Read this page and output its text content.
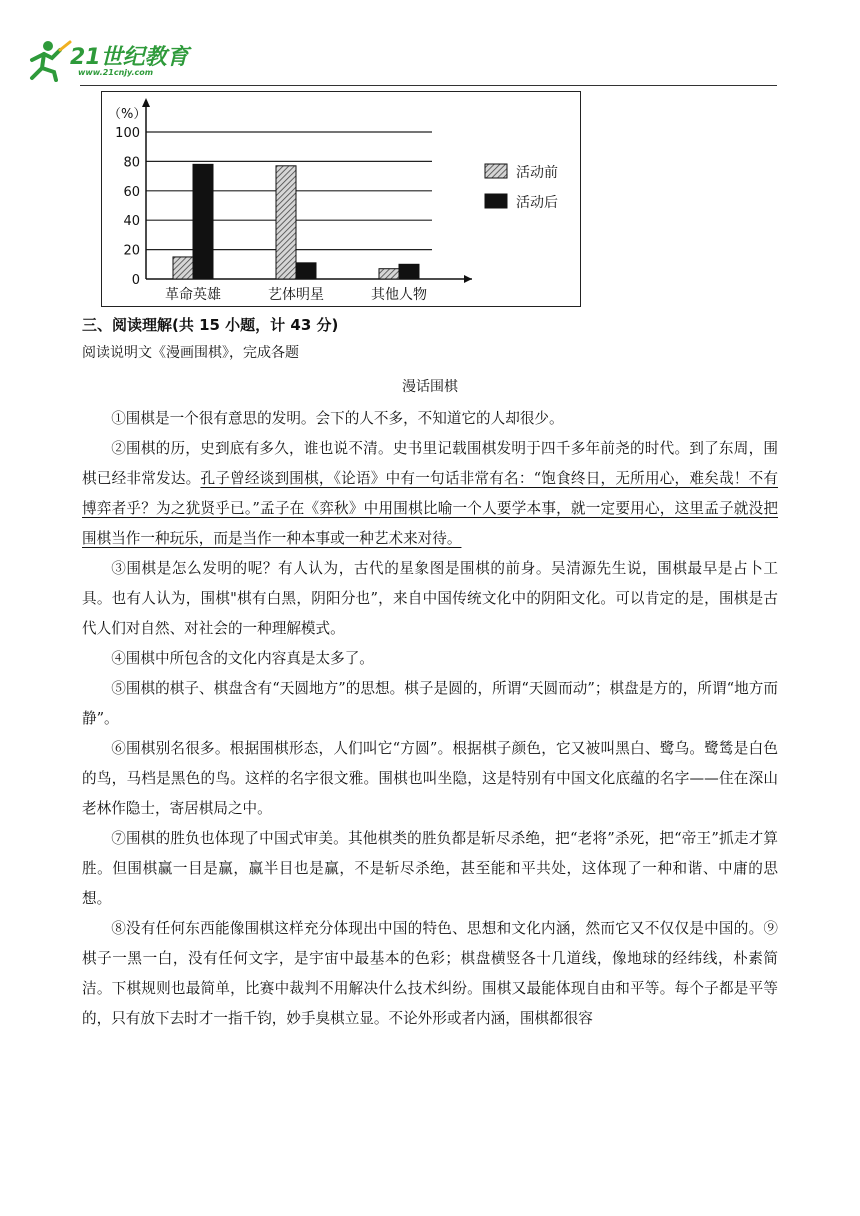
21世纪教育
www.21cnjy.com
0
20
40
60
80
100
（%）
革命英雄	艺体明星	其他人物
活动前
活动后
三、阅读理解(共 15 小题，计 43 分)
阅读说明文《漫画围棋》，完成各题
漫话围棋

①围棋是一个很有意思的发明。会下的人不多，不知道它的人却很少。

②围棋的历，史到底有多久，谁也说不清。史书里记载围棋发明于四千多年前尧的时代。到了东周，围棋已经非常发达。孔子曾经谈到围棋，《论语》中有一句话非常有名：“饱食终日，无所用心，难矣哉！不有博弈者乎？为之犹贤乎已。”孟子在《弈秋》中用围棋比喻一个人要学本事，就一定要用心，这里孟子就没把围棋当作一种玩乐，而是当作一种本事或一种艺术来对待。

③围棋是怎么发明的呢？有人认为，古代的星象图是围棋的前身。吴清源先生说，围棋最早是占卜工具。也有人认为，围棋"棋有白黑，阴阳分也”，来自中国传统文化中的阴阳文化。可以肯定的是，围棋是古代人们对自然、对社会的一种理解模式。

④围棋中所包含的文化内容真是太多了。

⑤围棋的棋子、棋盘含有“天圆地方”的思想。棋子是圆的，所谓“天圆而动”；棋盘是方的，所谓“地方而静”。

⑥围棋别名很多。根据围棋形态，人们叫它“方圆”。根据棋子颜色，它又被叫黑白、鹭乌。鹭鸶是白色的鸟，马档是黑色的鸟。这样的名字很文雅。围棋也叫坐隐，这是特别有中国文化底蕴的名字——住在深山老林作隐士，寄居棋局之中。

⑦围棋的胜负也体现了中国式审美。其他棋类的胜负都是斩尽杀绝，把“老将”杀死，把“帝王”抓走才算胜。但围棋赢一目是赢，赢半目也是赢，不是斩尽杀绝，甚至能和平共处，这体现了一种和谐、中庸的思想。

⑧没有任何东西能像围棋这样充分体现出中国的特色、思想和文化内涵，然而它又不仅仅是中国的。⑨棋子一黑一白，没有任何文字，是宇宙中最基本的色彩；棋盘横竖各十几道线，像地球的经纬线，朴素简洁。下棋规则也最简单，比赛中裁判不用解决什么技术纠纷。围棋又最能体现自由和平等。每个子都是平等的，只有放下去时才一指千钧，妙手臭棋立显。不论外形或者内涵，围棋都很容
